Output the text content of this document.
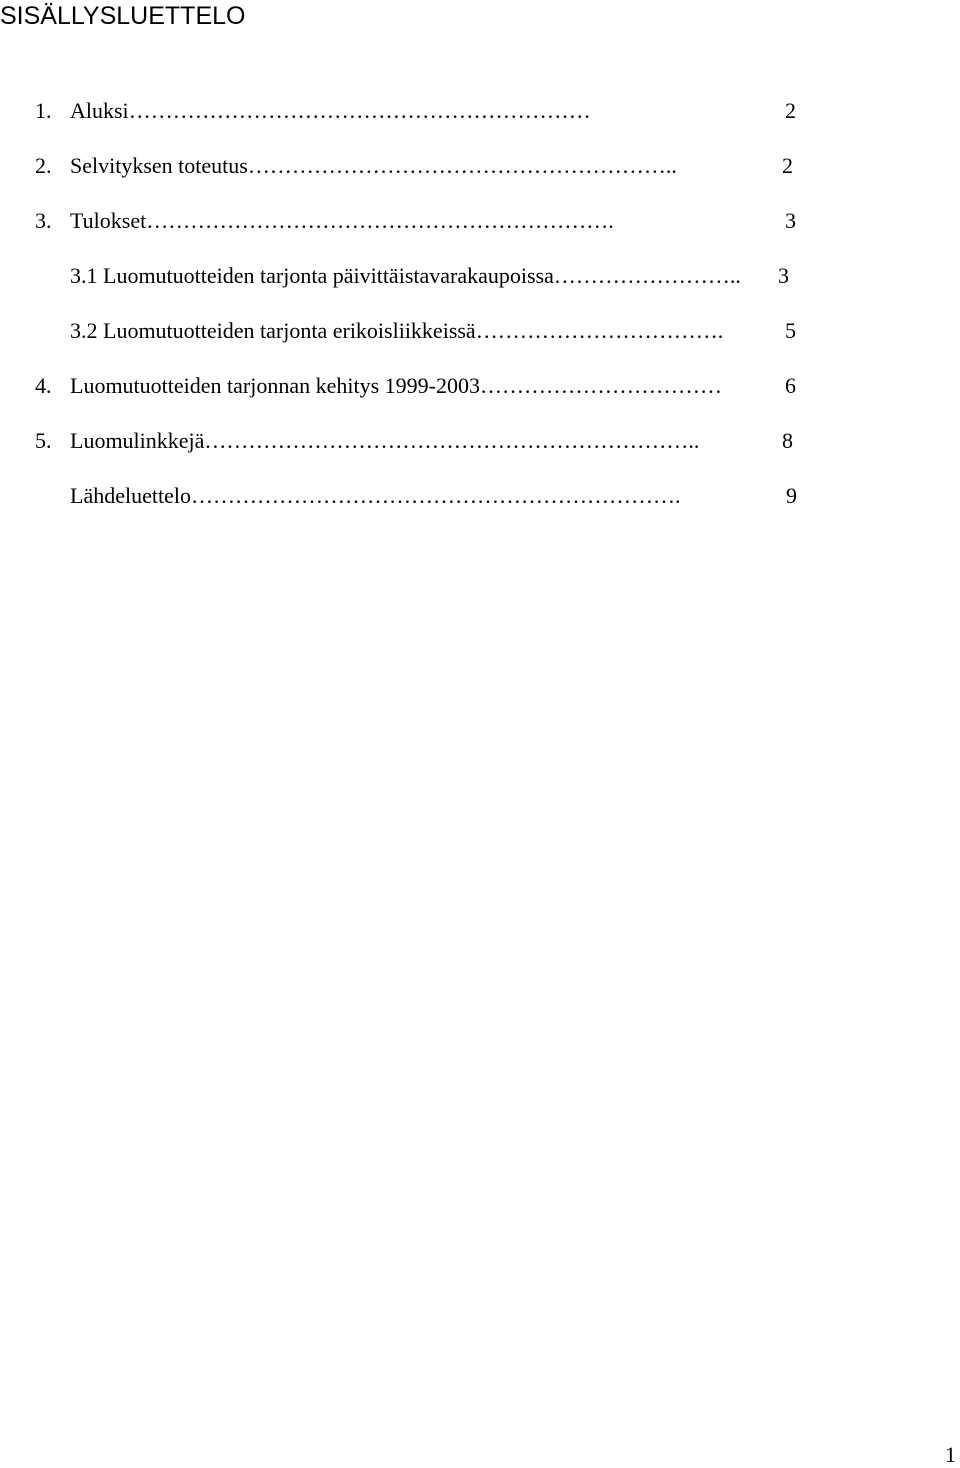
SISÄLLYSLUETTELO
1. Aluksi………………………………………………………	2
2. Selvityksen toteutus…………………………………………………..	2
3. Tulokset……………………………………………………….	3
3.1 Luomutuotteiden tarjonta päivittäistavarakaupoissa…………………….. 3
3.2 Luomutuotteiden tarjonta erikoisliikkeissä…………………………….	5
4. Luomutuotteiden tarjonnan kehitys 1999-2003……………………………	6
5. Luomulinkkejä…………………………………………………………..	8
Lähdeluettelo………………………………………………………….	9
1
